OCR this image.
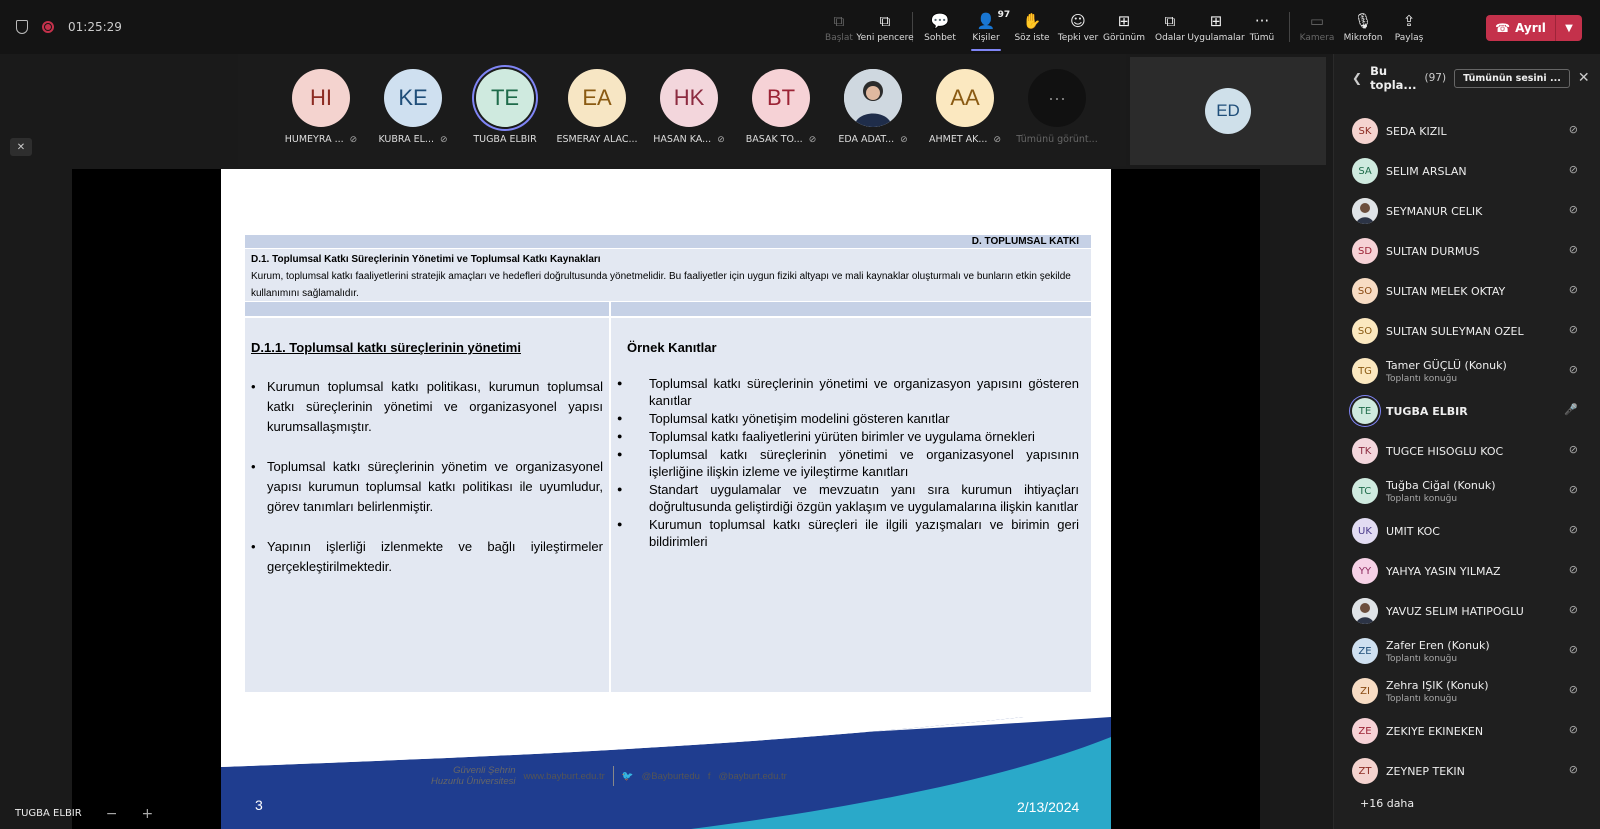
01:25:29	⧉
Başlat
⧉
Yeni pencere
💬
Sohbet
👤 97
Kişiler
✋
Söz iste
☺
Tepki ver
⊞
Görünüm
⧉
Odalar
⊞
Uygulamalar
···
Tümü
▭
Kamera
🎙
Mikrofon
⇪
Paylaş
☎ Ayrıl	▼
HI
HUMEYRA ... ⊘
KE
KUBRA EL... ⊘
TE
TUGBA ELBIR
EA
ESMERAY ALAC...
HK
HASAN KA... ⊘
BT
BASAK TO... ⊘ EDA ADAT... ⊘
AA
AHMET AK... ⊘
···
Tümünü görünt...
ED
✕
D. TOPLUMSAL KATKI
D.1. Toplumsal Katkı Süreçlerinin Yönetimi ve Toplumsal Katkı Kaynakları
Kurum, toplumsal katkı faaliyetlerini stratejik amaçları ve hedefleri doğrultusunda yönetmelidir. Bu faaliyetler için uygun fiziki altyapı ve mali kaynaklar oluşturmalı ve bunların etkin şekilde kullanımını sağlamalıdır.
D.1.1. Toplumsal katkı süreçlerinin yönetimi
• Kurumun toplumsal katkı politikası, kurumun toplumsal katkı süreçlerinin yönetimi ve organizasyonel yapısı kurumsallaşmıştır.
• Toplumsal katkı süreçlerinin yönetim ve organizasyonel yapısı kurumun toplumsal katkı politikası ile uyumludur, görev tanımları belirlenmiştir.
• Yapının işlerliği izlenmekte ve bağlı iyileştirmeler gerçekleştirilmektedir.
Örnek Kanıtlar
● Toplumsal katkı süreçlerinin yönetimi ve organizasyon yapısını gösteren kanıtlar
● Toplumsal katkı yönetişim modelini gösteren kanıtlar
● Toplumsal katkı faaliyetlerini yürüten birimler ve uygulama örnekleri
● Toplumsal katkı süreçlerinin yönetimi ve organizasyonel yapısının işlerliğine ilişkin izleme ve iyileştirme kanıtları
● Standart uygulamalar ve mevzuatın yanı sıra kurumun ihtiyaçları doğrultusunda geliştirdiği özgün yaklaşım ve uygulamalarına ilişkin kanıtlar
● Kurumun toplumsal katkı süreçleri ile ilgili yazışmaları ve birimin geri bildirimleri
Güvenli Şehrin
Huzurlu Üniversitesi www.bayburt.edu.tr 🐦 @Bayburtedu f @bayburt.edu.tr
3	2/13/2024
TUGBA ELBIR − +
❮ Bu topla... (97)	Tümünün sesini ...	✕
SK	SEDA KIZIL	⊘
SA	SELIM ARSLAN	⊘
SEYMANUR CELIK	⊘
SD	SULTAN DURMUS	⊘
SO	SULTAN MELEK OKTAY	⊘
SO	SULTAN SULEYMAN OZEL	⊘
TG	Tamer GÜÇLÜ (Konuk)
Toplantı konuğu
⊘
TE	TUGBA ELBIR	🎤
TK	TUGCE HISOGLU KOC	⊘
TC	Tuğba Ciğal (Konuk)
Toplantı konuğu
⊘
UK	UMIT KOC	⊘
YY	YAHYA YASIN YILMAZ	⊘
YAVUZ SELIM HATIPOGLU	⊘
ZE	Zafer Eren (Konuk)
Toplantı konuğu
⊘
ZI	Zehra IŞIK (Konuk)
Toplantı konuğu
⊘
ZE	ZEKIYE EKINEKEN	⊘
ZT	ZEYNEP TEKIN	⊘
+16 daha
